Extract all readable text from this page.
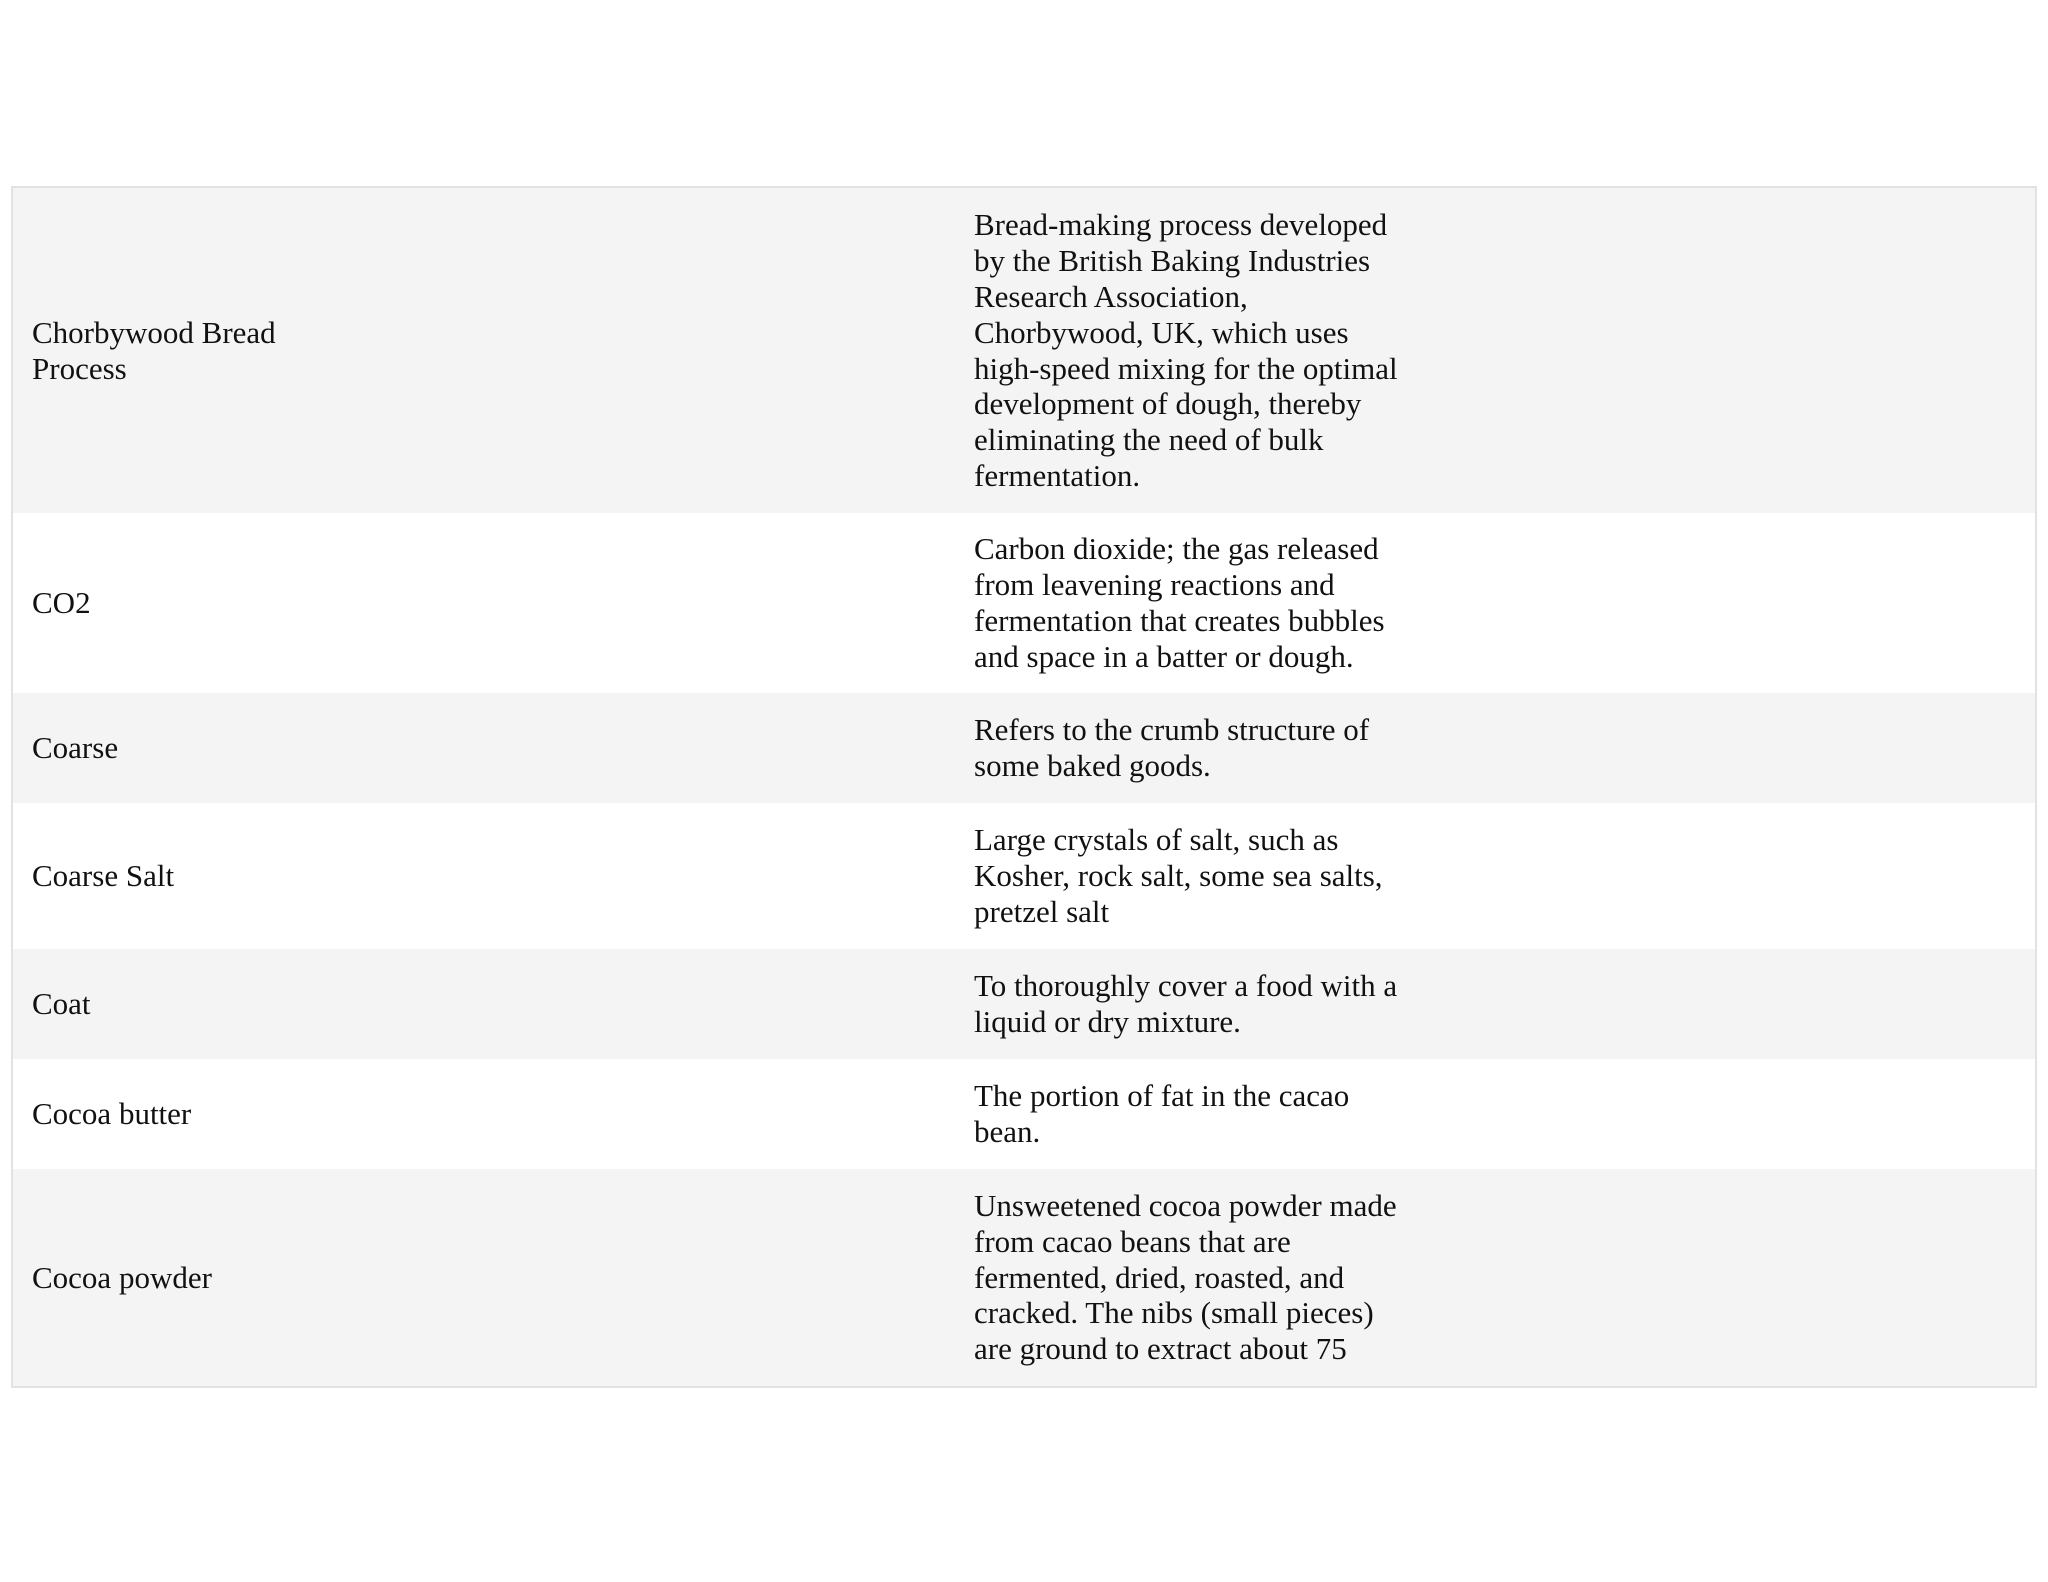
Chorbywood Bread Process
Bread-making process developed by the British Baking Industries Research Association, Chorbywood, UK, which uses high-speed mixing for the optimal development of dough, thereby eliminating the need of bulk fermentation.
CO2
Carbon dioxide; the gas released from leavening reactions and fermentation that creates bubbles and space in a batter or dough.
Coarse
Refers to the crumb structure of some baked goods.
Coarse Salt
Large crystals of salt, such as Kosher, rock salt, some sea salts, pretzel salt
Coat
To thoroughly cover a food with a liquid or dry mixture.
Cocoa butter
The portion of fat in the cacao bean.
Cocoa powder
Unsweetened cocoa powder made from cacao beans that are fermented, dried, roasted, and cracked. The nibs (small pieces) are ground to extract about 75
